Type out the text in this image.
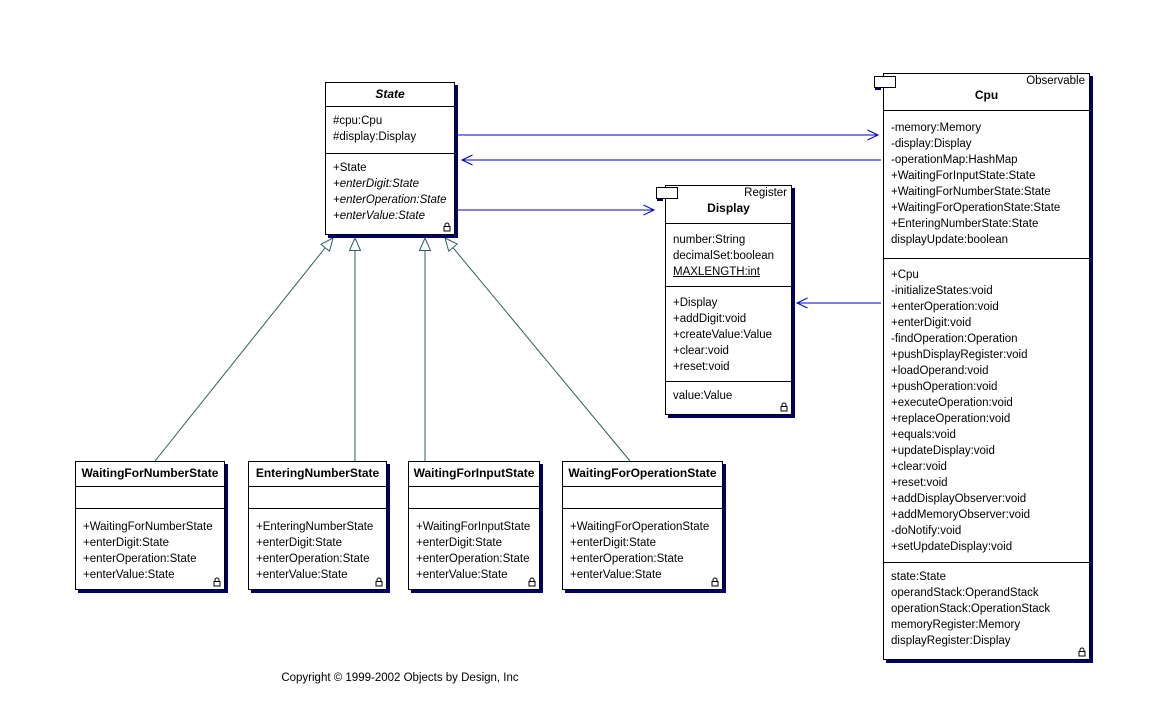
State
#cpu:Cpu
#display:Display
+State
+enterDigit:State
+enterOperation:State
+enterValue:State
Observable
Cpu
-memory:Memory
-display:Display
-operationMap:HashMap
+WaitingForInputState:State
+WaitingForNumberState:State
+WaitingForOperationState:State
+EnteringNumberState:State
displayUpdate:boolean
+Cpu
-initializeStates:void
+enterOperation:void
+enterDigit:void
-findOperation:Operation
+pushDisplayRegister:void
+loadOperand:void
+pushOperation:void
+executeOperation:void
+replaceOperation:void
+equals:void
+updateDisplay:void
+clear:void
+reset:void
+addDisplayObserver:void
+addMemoryObserver:void
-doNotify:void
+setUpdateDisplay:void
state:State
operandStack:OperandStack
operationStack:OperationStack
memoryRegister:Memory
displayRegister:Display
Register
Display
number:String
decimalSet:boolean
MAXLENGTH:int
+Display
+addDigit:void
+createValue:Value
+clear:void
+reset:void
value:Value
WaitingForNumberState
+WaitingForNumberState
+enterDigit:State
+enterOperation:State
+enterValue:State
EnteringNumberState
+EnteringNumberState
+enterDigit:State
+enterOperation:State
+enterValue:State
WaitingForInputState
+WaitingForInputState
+enterDigit:State
+enterOperation:State
+enterValue:State
WaitingForOperationState
+WaitingForOperationState
+enterDigit:State
+enterOperation:State
+enterValue:State
Copyright © 1999-2002 Objects by Design, Inc
